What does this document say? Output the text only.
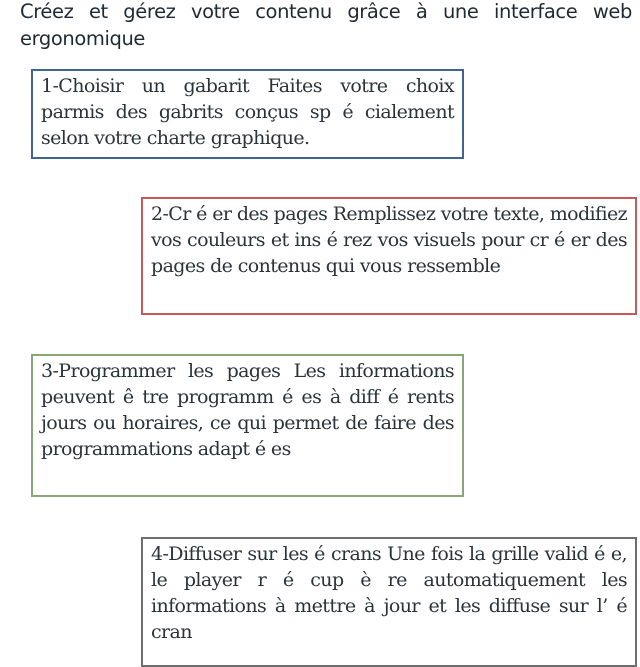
Créez et gérez votre contenu grâce à une interface web ergonomique
1-Choisir un gabarit Faites votre choix parmis des gabrits conçus sp é cialement selon votre charte graphique.
2-Cr é er des pages Remplissez votre texte, modifiez vos couleurs et ins é rez vos visuels pour cr é er des pages de contenus qui vous ressemble
3-Programmer les pages Les informations peuvent ê tre programm é es à diff é rents jours ou horaires, ce qui permet de faire des programmations adapt é es
4-Diffuser sur les é crans Une fois la grille valid é e, le player r é cup è re automatiquement les informations à mettre à jour et les diffuse sur l’ é cran
